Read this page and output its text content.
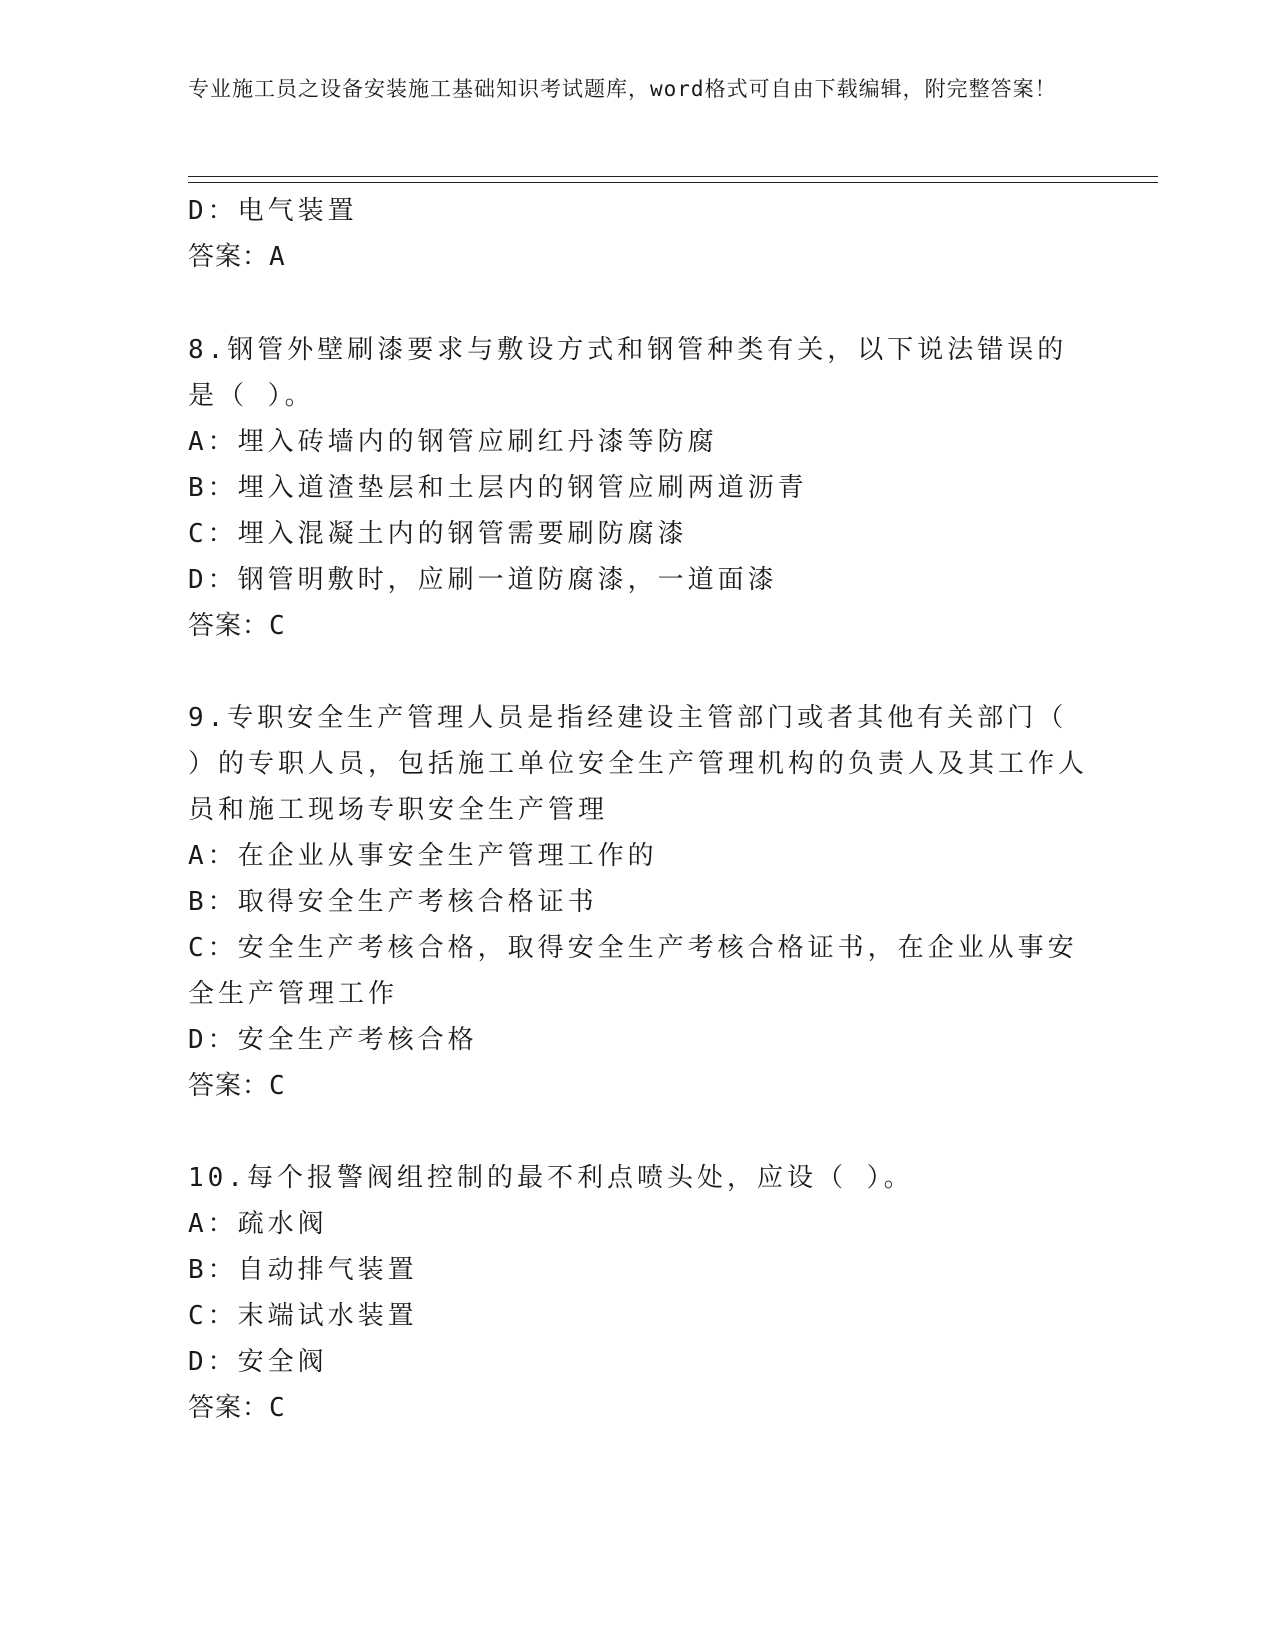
专业施工员之设备安装施工基础知识考试题库，word格式可自由下载编辑，附完整答案！
D：电气装置
答案：A
8.钢管外壁刷漆要求与敷设方式和钢管种类有关，以下说法错误的是（ ）。
A：埋入砖墙内的钢管应刷红丹漆等防腐
B：埋入道渣垫层和土层内的钢管应刷两道沥青
C：埋入混凝土内的钢管需要刷防腐漆
D：钢管明敷时，应刷一道防腐漆，一道面漆
答案：C
9.专职安全生产管理人员是指经建设主管部门或者其他有关部门（ ）的专职人员，包括施工单位安全生产管理机构的负责人及其工作人员和施工现场专职安全生产管理
A：在企业从事安全生产管理工作的
B：取得安全生产考核合格证书
C：安全生产考核合格，取得安全生产考核合格证书，在企业从事安全生产管理工作
D：安全生产考核合格
答案：C
10.每个报警阀组控制的最不利点喷头处，应设（ ）。
A：疏水阀
B：自动排气装置
C：末端试水装置
D：安全阀
答案：C
